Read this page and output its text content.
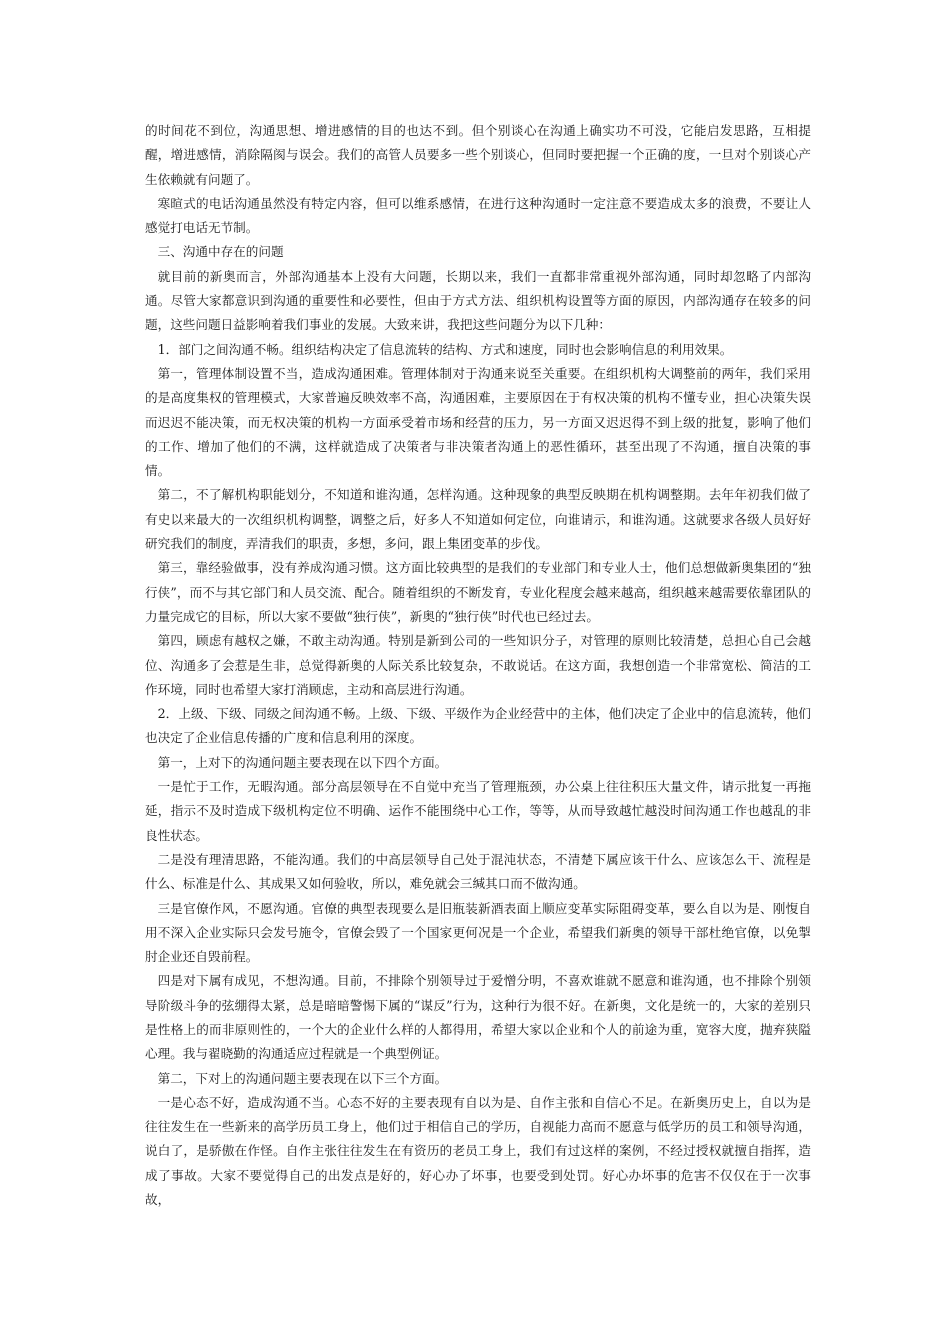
的时间花不到位，沟通思想、增进感情的目的也达不到。但个别谈心在沟通上确实功不可没，它能启发思路，互相提醒，增进感情，消除隔阂与误会。我们的高管人员要多一些个别谈心，但同时要把握一个正确的度，一旦对个别谈心产生依赖就有问题了。

寒暄式的电话沟通虽然没有特定内容，但可以维系感情，在进行这种沟通时一定注意不要造成太多的浪费，不要让人感觉打电话无节制。

三、沟通中存在的问题

就目前的新奥而言，外部沟通基本上没有大问题，长期以来，我们一直都非常重视外部沟通，同时却忽略了内部沟通。尽管大家都意识到沟通的重要性和必要性，但由于方式方法、组织机构设置等方面的原因，内部沟通存在较多的问题，这些问题日益影响着我们事业的发展。大致来讲，我把这些问题分为以下几种：

1．部门之间沟通不畅。组织结构决定了信息流转的结构、方式和速度，同时也会影响信息的利用效果。

第一，管理体制设置不当，造成沟通困难。管理体制对于沟通来说至关重要。在组织机构大调整前的两年，我们采用的是高度集权的管理模式，大家普遍反映效率不高，沟通困难，主要原因在于有权决策的机构不懂专业，担心决策失误而迟迟不能决策，而无权决策的机构一方面承受着市场和经营的压力，另一方面又迟迟得不到上级的批复，影响了他们的工作、增加了他们的不满，这样就造成了决策者与非决策者沟通上的恶性循环，甚至出现了不沟通，擅自决策的事情。

第二，不了解机构职能划分，不知道和谁沟通，怎样沟通。这种现象的典型反映期在机构调整期。去年年初我们做了有史以来最大的一次组织机构调整，调整之后，好多人不知道如何定位，向谁请示，和谁沟通。这就要求各级人员好好研究我们的制度，弄清我们的职责，多想，多问，跟上集团变革的步伐。

第三，靠经验做事，没有养成沟通习惯。这方面比较典型的是我们的专业部门和专业人士，他们总想做新奥集团的“独行侠”，而不与其它部门和人员交流、配合。随着组织的不断发育，专业化程度会越来越高，组织越来越需要依靠团队的力量完成它的目标，所以大家不要做“独行侠”，新奥的“独行侠”时代也已经过去。

第四，顾虑有越权之嫌，不敢主动沟通。特别是新到公司的一些知识分子，对管理的原则比较清楚，总担心自己会越位、沟通多了会惹是生非，总觉得新奥的人际关系比较复杂，不敢说话。在这方面，我想创造一个非常宽松、简洁的工作环境，同时也希望大家打消顾虑，主动和高层进行沟通。

2．上级、下级、同级之间沟通不畅。上级、下级、平级作为企业经营中的主体，他们决定了企业中的信息流转，他们也决定了企业信息传播的广度和信息利用的深度。

第一，上对下的沟通问题主要表现在以下四个方面。

一是忙于工作，无暇沟通。部分高层领导在不自觉中充当了管理瓶颈，办公桌上往往积压大量文件，请示批复一再拖延，指示不及时造成下级机构定位不明确、运作不能围绕中心工作，等等，从而导致越忙越没时间沟通工作也越乱的非良性状态。

二是没有理清思路，不能沟通。我们的中高层领导自己处于混沌状态，不清楚下属应该干什么、应该怎么干、流程是什么、标准是什么、其成果又如何验收，所以，难免就会三缄其口而不做沟通。

三是官僚作风，不愿沟通。官僚的典型表现要么是旧瓶装新酒表面上顺应变革实际阻碍变革，要么自以为是、刚愎自用不深入企业实际只会发号施令，官僚会毁了一个国家更何况是一个企业，希望我们新奥的领导干部杜绝官僚，以免掣肘企业还自毁前程。

四是对下属有成见，不想沟通。目前，不排除个别领导过于爱憎分明，不喜欢谁就不愿意和谁沟通，也不排除个别领导阶级斗争的弦绷得太紧，总是暗暗警惕下属的“谋反”行为，这种行为很不好。在新奥，文化是统一的，大家的差别只是性格上的而非原则性的，一个大的企业什么样的人都得用，希望大家以企业和个人的前途为重，宽容大度，抛弃狭隘心理。我与翟晓勤的沟通适应过程就是一个典型例证。

第二，下对上的沟通问题主要表现在以下三个方面。

一是心态不好，造成沟通不当。心态不好的主要表现有自以为是、自作主张和自信心不足。在新奥历史上，自以为是往往发生在一些新来的高学历员工身上，他们过于相信自己的学历，自视能力高而不愿意与低学历的员工和领导沟通，说白了，是骄傲在作怪。自作主张往往发生在有资历的老员工身上，我们有过这样的案例，不经过授权就擅自指挥，造成了事故。大家不要觉得自己的出发点是好的，好心办了坏事，也要受到处罚。好心办坏事的危害不仅仅在于一次事故，
